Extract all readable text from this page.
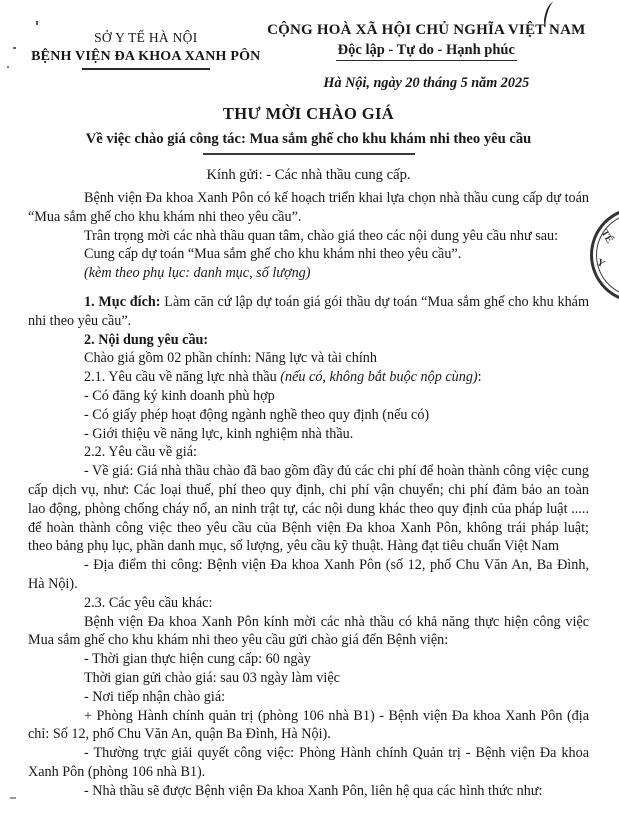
SỞ Y TẾ HÀ NỘI
BỆNH VIỆN ĐA KHOA XANH PÔN
CỘNG HOÀ XÃ HỘI CHỦ NGHĨA VIỆT NAM
Độc lập - Tự do - Hạnh phúc
Hà Nội, ngày 20 tháng 5 năm 2025
THƯ MỜI CHÀO GIÁ
Về việc chào giá công tác: Mua sắm ghế cho khu khám nhi theo yêu cầu

Kính gửi: - Các nhà thầu cung cấp.

Bệnh viện Đa khoa Xanh Pôn có kế hoạch triển khai lựa chọn nhà thầu cung cấp dự toán “Mua sắm ghế cho khu khám nhi theo yêu cầu”.

Trân trọng mời các nhà thầu quan tâm, chào giá theo các nội dung yêu cầu như sau:

Cung cấp dự toán “Mua sắm ghế cho khu khám nhi theo yêu cầu”.

(kèm theo phụ lục: danh mục, số lượng)

1. Mục đích: Làm căn cứ lập dự toán giá gói thầu dự toán “Mua sắm ghế cho khu khám nhi theo yêu cầu”.

2. Nội dung yêu cầu:

Chào giá gồm 02 phần chính: Năng lực và tài chính

2.1. Yêu cầu về năng lực nhà thầu (nếu có, không bắt buộc nộp cùng):

- Có đăng ký kinh doanh phù hợp

- Có giấy phép hoạt động ngành nghề theo quy định (nếu có)

- Giới thiệu về năng lực, kinh nghiệm nhà thầu.

2.2. Yêu cầu về giá:

- Về giá: Giá nhà thầu chào đã bao gồm đầy đủ các chi phí để hoàn thành công việc cung cấp dịch vụ, như: Các loại thuế, phí theo quy định, chi phí vận chuyển; chi phí đảm bảo an toàn lao động, phòng chống cháy nổ, an ninh trật tự, các nội dung khác theo quy định của pháp luật ..... để hoàn thành công việc theo yêu cầu của Bệnh viện Đa khoa Xanh Pôn, không trái pháp luật; theo bảng phụ lục, phần danh mục, số lượng, yêu cầu kỹ thuật. Hàng đạt tiêu chuẩn Việt Nam

- Địa điểm thi công: Bệnh viện Đa khoa Xanh Pôn (số 12, phố Chu Văn An, Ba Đình, Hà Nội).

2.3. Các yêu cầu khác:

Bệnh viện Đa khoa Xanh Pôn kính mời các nhà thầu có khả năng thực hiện công việc Mua sắm ghế cho khu khám nhi theo yêu cầu gửi chào giá đến Bệnh viện:

- Thời gian thực hiện cung cấp: 60 ngày

Thời gian gửi chào giá: sau 03 ngày làm việc

- Nơi tiếp nhận chào giá:

+ Phòng Hành chính quản trị (phòng 106 nhà B1) - Bệnh viện Đa khoa Xanh Pôn (địa chỉ: Số 12, phố Chu Văn An, quận Ba Đình, Hà Nội).

- Thường trực giải quyết công việc: Phòng Hành chính Quản trị - Bệnh viện Đa khoa Xanh Pôn (phòng 106 nhà B1).

- Nhà thầu sẽ được Bệnh viện Đa khoa Xanh Pôn, liên hệ qua các hình thức như:

TẾ
Y
